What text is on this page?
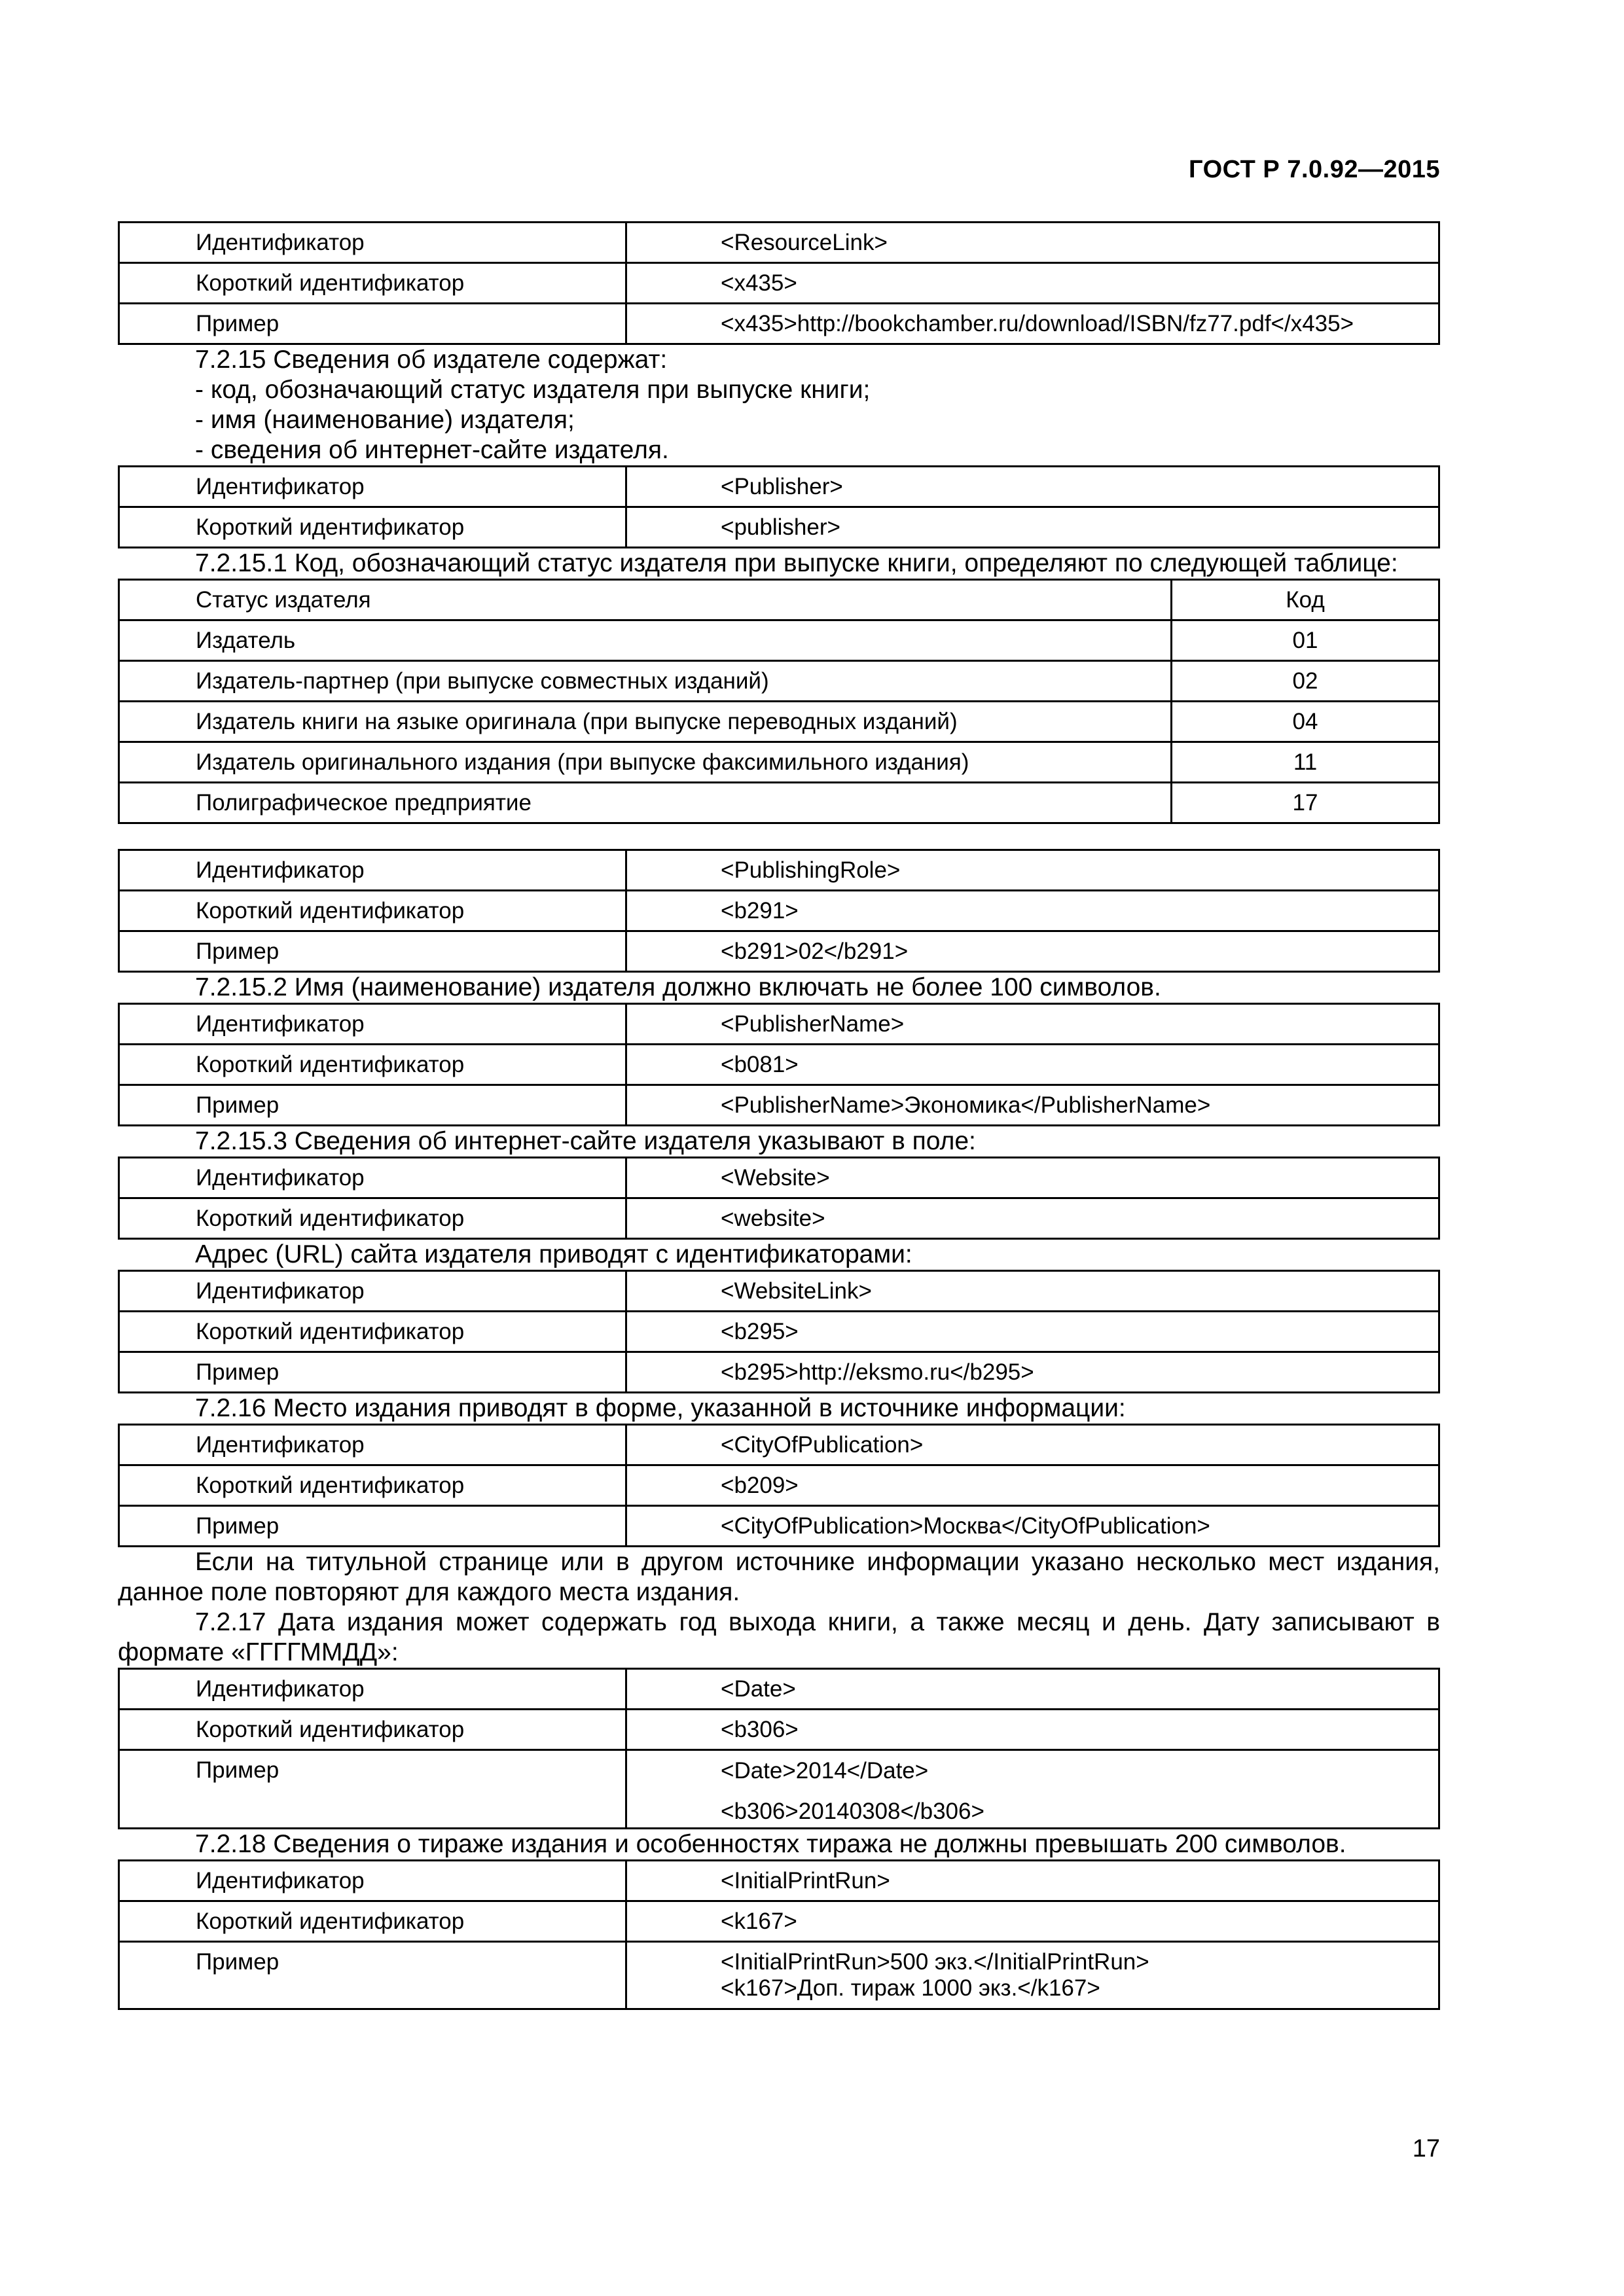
ГОСТ Р 7.0.92—2015
Идентификатор	<ResourceLink>
Короткий идентификатор	<x435>
Пример	<x435>http://bookchamber.ru/download/ISBN/fz77.pdf</x435>

7.2.15 Сведения об издателе содержат:

- код, обозначающий статус издателя при выпуске книги;

- имя (наименование) издателя;

- сведения об интернет-сайте издателя.

Идентификатор	<Publisher>
Короткий идентификатор	<publisher>

7.2.15.1 Код, обозначающий статус издателя при выпуске книги, определяют по следующей таблице:

Статус издателя	Код
Издатель	01
Издатель-партнер (при выпуске совместных изданий)	02
Издатель книги на языке оригинала (при выпуске переводных изданий)	04
Издатель оригинального издания (при выпуске факсимильного издания)	11
Полиграфическое предприятие	17
Идентификатор	<PublishingRole>
Короткий идентификатор	<b291>
Пример	<b291>02</b291>

7.2.15.2 Имя (наименование) издателя должно включать не более 100 символов.

Идентификатор	<PublisherName>
Короткий идентификатор	<b081>
Пример	<PublisherName>Экономика</PublisherName>

7.2.15.3 Сведения об интернет-сайте издателя указывают в поле:

Идентификатор	<Website>
Короткий идентификатор	<website>

Адрес (URL) сайта издателя приводят с идентификаторами:

Идентификатор	<WebsiteLink>
Короткий идентификатор	<b295>
Пример	<b295>http://eksmo.ru</b295>

7.2.16 Место издания приводят в форме, указанной в источнике информации:

Идентификатор	<CityOfPublication>
Короткий идентификатор	<b209>
Пример	<CityOfPublication>Москва</CityOfPublication>

Если на титульной странице или в другом источнике информации указано несколько мест издания, данное поле повторяют для каждого места издания.

7.2.17 Дата издания может содержать год выхода книги, а также месяц и день. Дату записывают в формате «ГГГГММДД»:

Идентификатор	<Date>
Короткий идентификатор	<b306>
Пример	<Date>2014</Date>
<b306>20140308</b306>

7.2.18 Сведения о тираже издания и особенностях тиража не должны превышать 200 символов.

Идентификатор	<InitialPrintRun>
Короткий идентификатор	<k167>
Пример	<InitialPrintRun>500 экз.</InitialPrintRun>
<k167>Доп. тираж 1000 экз.</k167>
17
